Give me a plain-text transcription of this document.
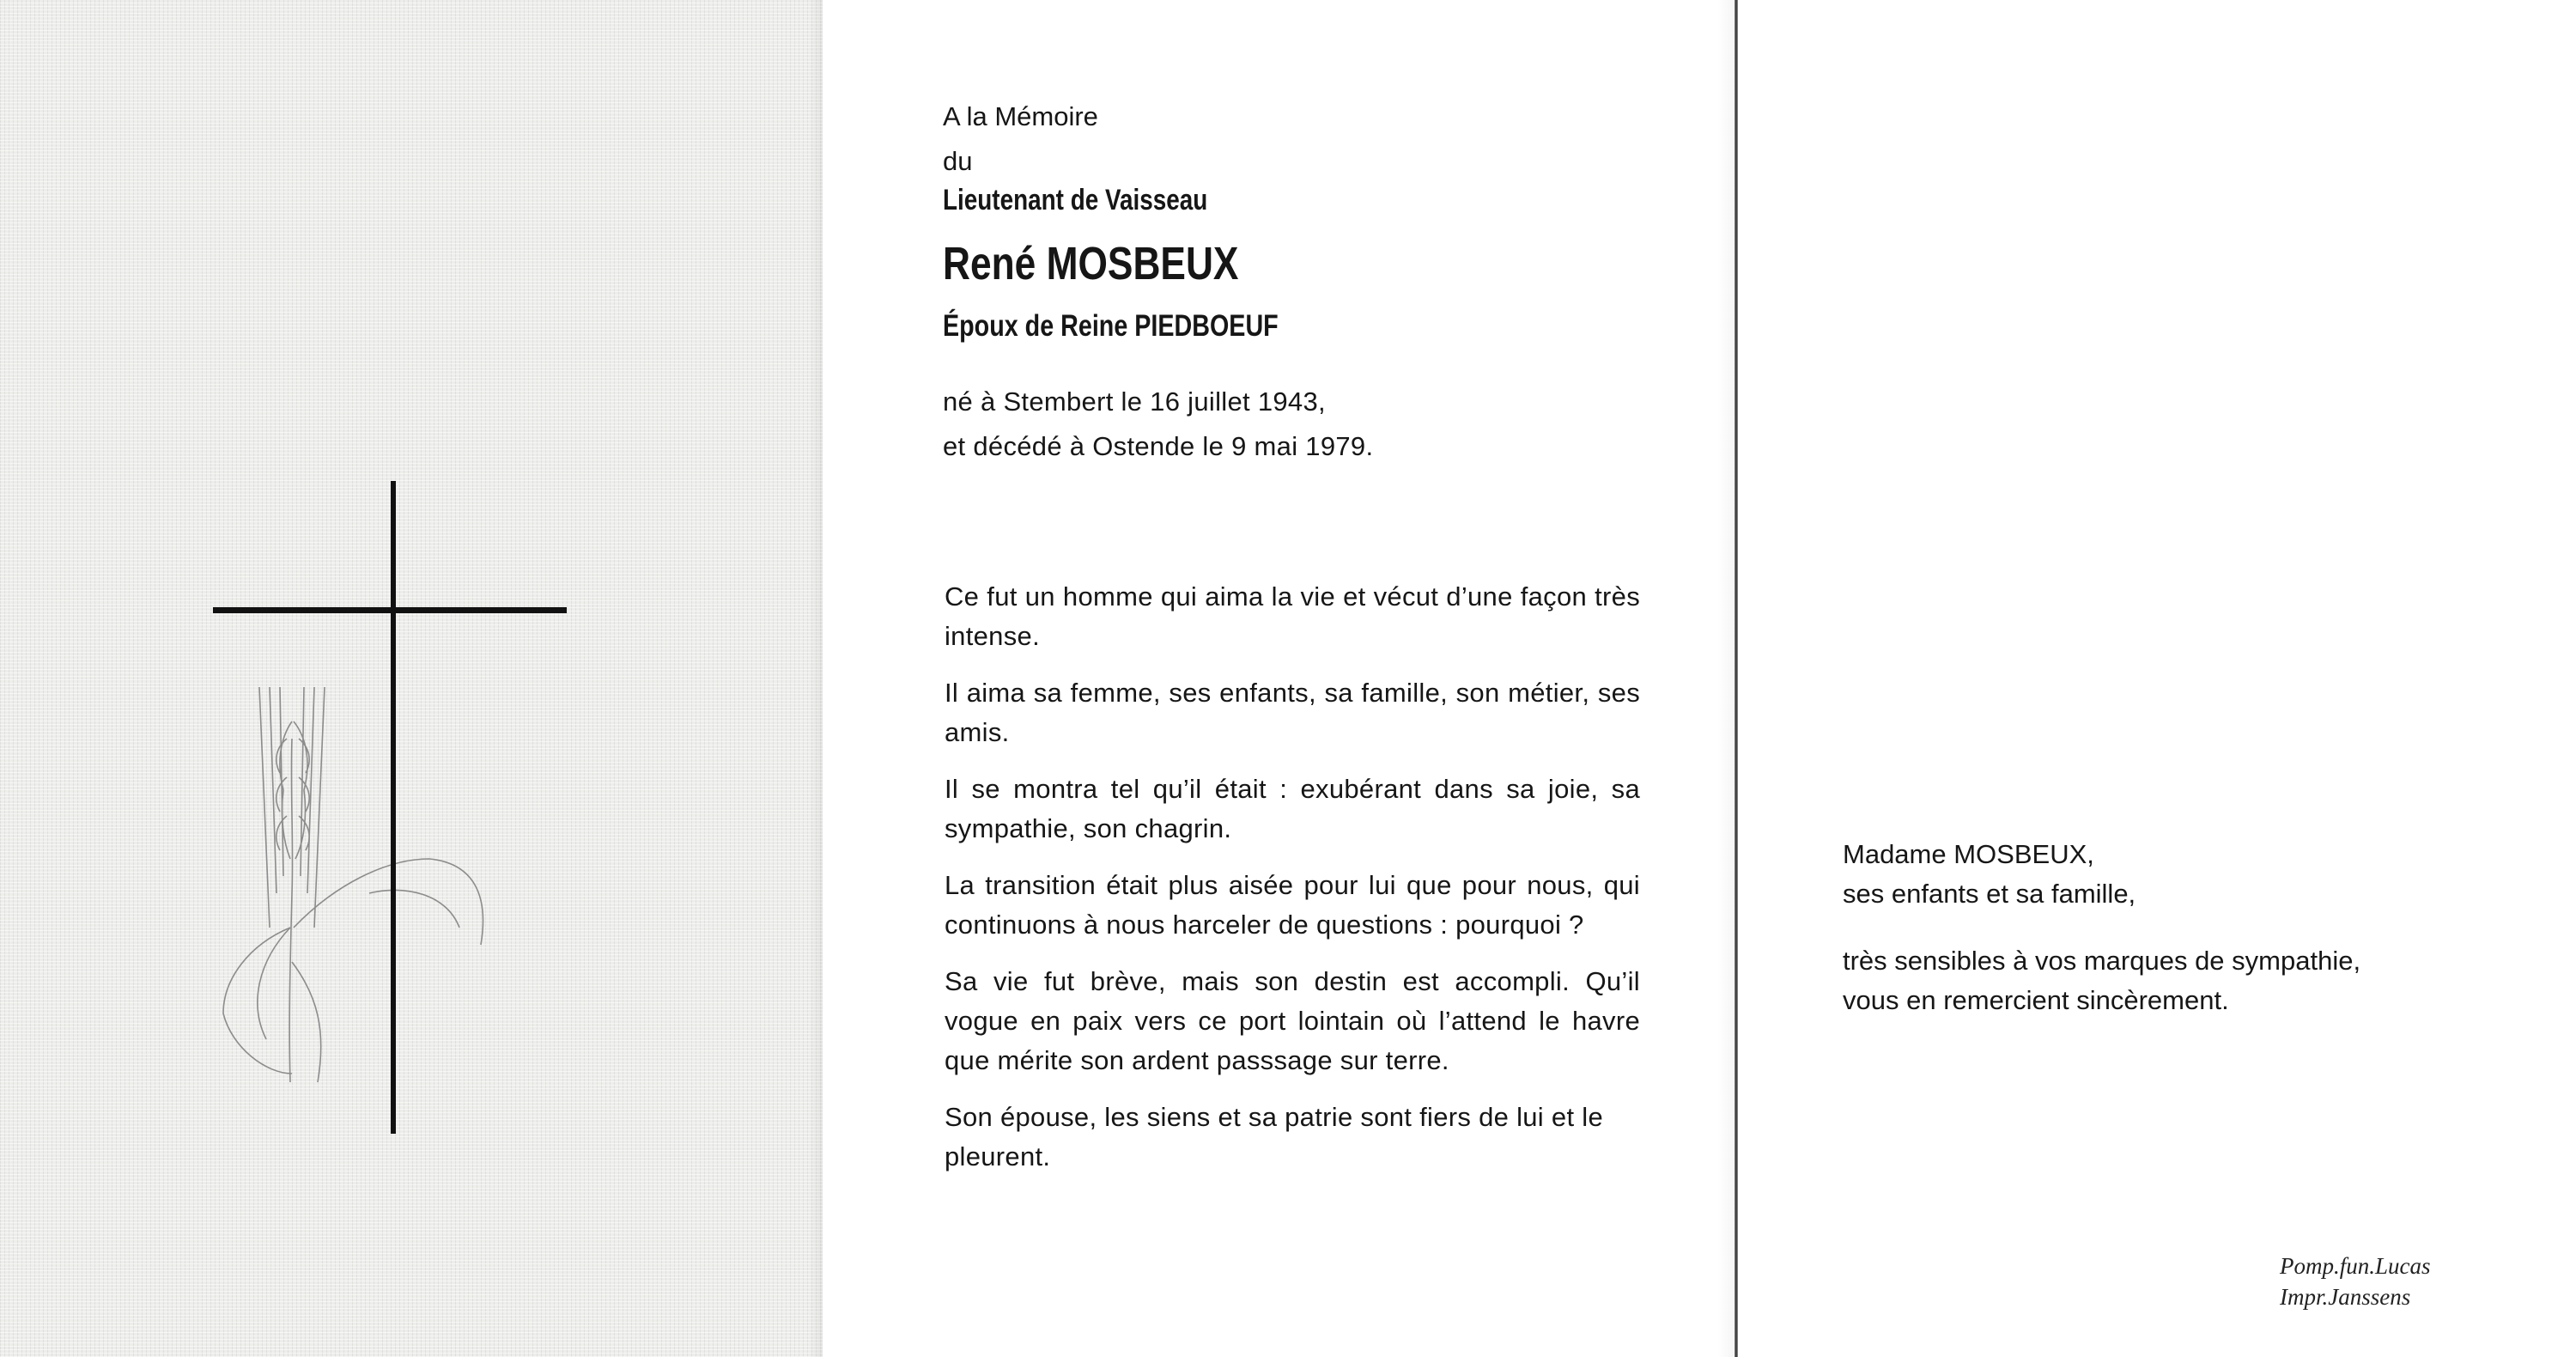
A la Mémoire
du
Lieutenant de Vaisseau
René MOSBEUX
Époux de Reine PIEDBOEUF
né à Stembert le 16 juillet 1943,
et décédé à Ostende le 9 mai 1979.

Ce fut un homme qui aima la vie et vécut d’une façon très intense.

Il aima sa femme, ses enfants, sa famille, son métier, ses amis.

Il se montra tel qu’il était : exubérant dans sa joie, sa sympathie, son chagrin.

La transition était plus aisée pour lui que pour nous, qui continuons à nous harceler de questions : pourquoi ?

Sa vie fut brève, mais son destin est accompli. Qu’il vogue en paix vers ce port lointain où l’attend le havre que mérite son ardent passsage sur terre.

Son épouse, les siens et sa patrie sont fiers de lui et le pleurent.

Madame MOSBEUX,
ses enfants et sa famille,
très sensibles à vos marques de sympathie,
vous en remercient sincèrement.
Pomp.fun.Lucas
Impr.Janssens
